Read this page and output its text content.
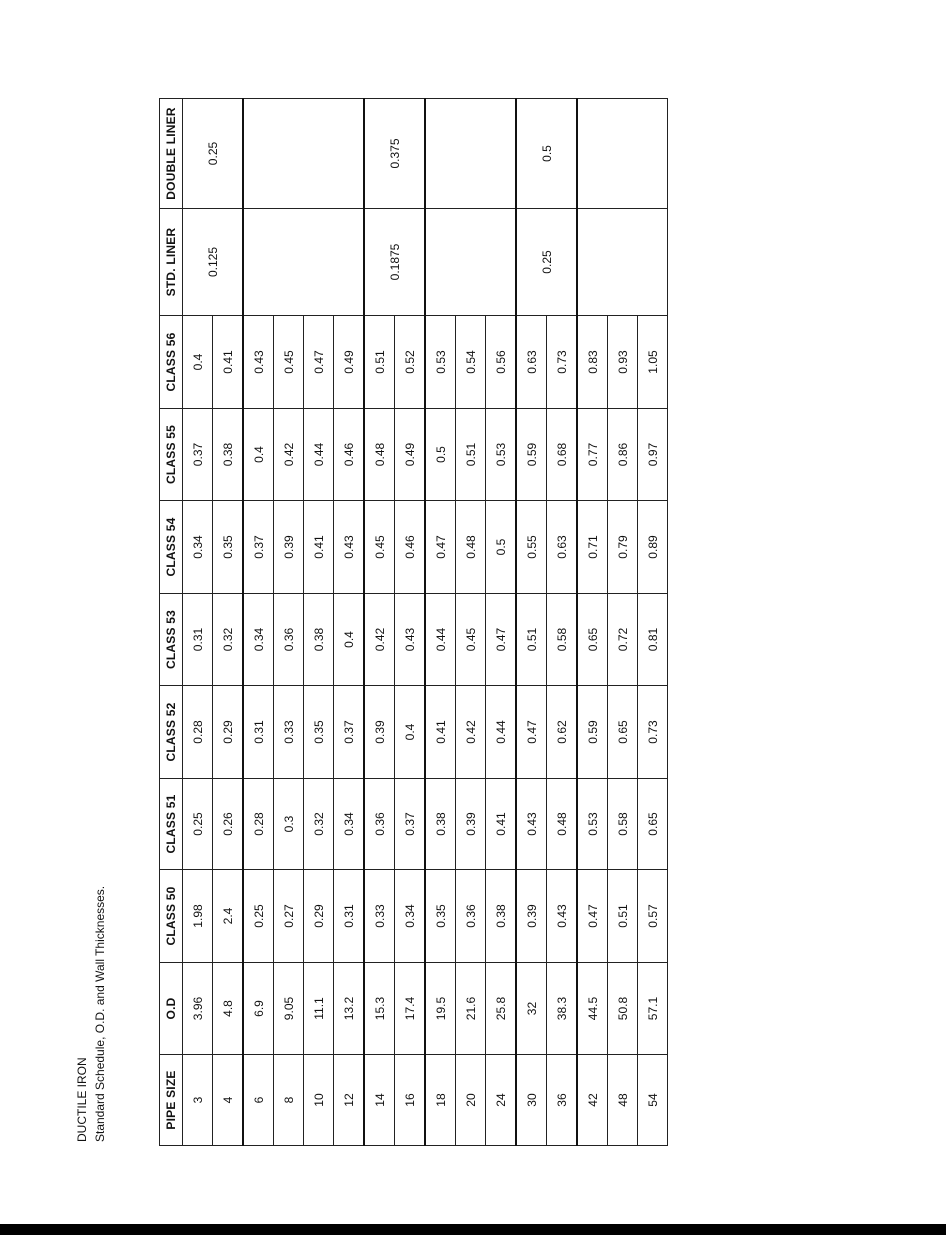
DUCTILE IRON Standard Schedule, O.D. and Wall Thicknesses.	PIPE SIZE	O.D	CLASS 50	CLASS 51	CLASS 52	CLASS 53	CLASS 54	CLASS 55	CLASS 56	STD. LINER	DOUBLE LINER
3	3.96	1.98	0.25	0.28	0.31	0.34	0.37	0.4	0.125	0.25
4	4.8	2.4	0.26	0.29	0.32	0.35	0.38	0.41		
6	6.9	0.25	0.28	0.31	0.34	0.37	0.4	0.43		
8	9.05	0.27	0.3	0.33	0.36	0.39	0.42	0.45		
10	11.1	0.29	0.32	0.35	0.38	0.41	0.44	0.47		
12	13.2	0.31	0.34	0.37	0.4	0.43	0.46	0.49		
14	15.3	0.33	0.36	0.39	0.42	0.45	0.48	0.51	0.1875	0.375
16	17.4	0.34	0.37	0.4	0.43	0.46	0.49	0.52		
18	19.5	0.35	0.38	0.41	0.44	0.47	0.5	0.53		
20	21.6	0.36	0.39	0.42	0.45	0.48	0.51	0.54		
24	25.8	0.38	0.41	0.44	0.47	0.5	0.53	0.56		
30	32	0.39	0.43	0.47	0.51	0.55	0.59	0.63	0.25	0.5
36	38.3	0.43	0.48	0.62	0.58	0.63	0.68	0.73		
42	44.5	0.47	0.53	0.59	0.65	0.71	0.77	0.83		
48	50.8	0.51	0.58	0.65	0.72	0.79	0.86	0.93		
54	57.1	0.57	0.65	0.73	0.81	0.89	0.97	1.05		
